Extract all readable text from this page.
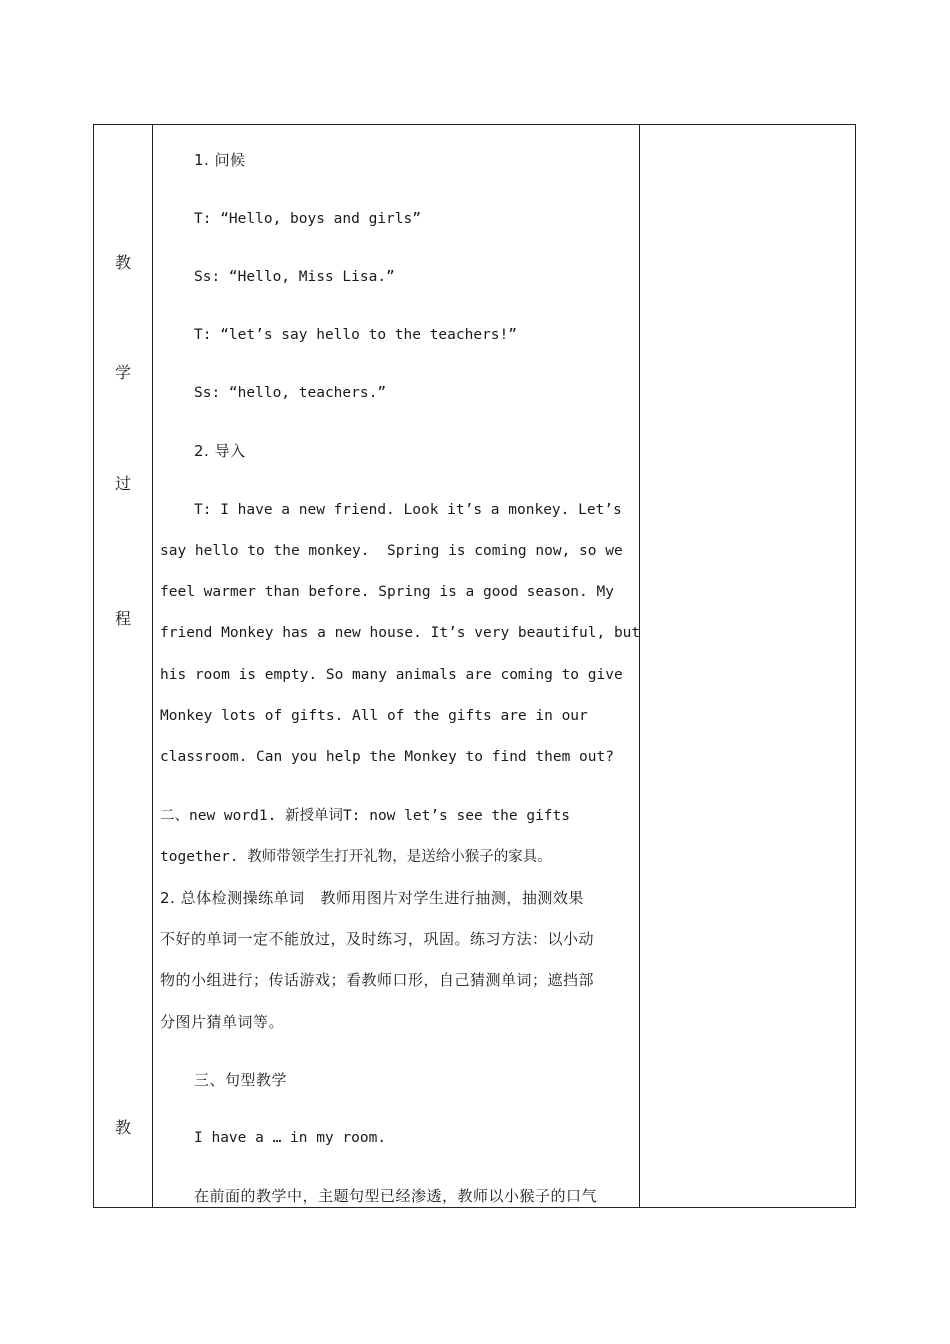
教
学
过
程
教
1. 问候
T: “Hello, boys and girls”
Ss: “Hello, Miss Lisa.”
T: “let’s say hello to the teachers!”
Ss: “hello, teachers.”
2. 导入
T: I have a new friend. Look it’s a monkey. Let’s
say hello to the monkey.  Spring is coming now, so we
feel warmer than before. Spring is a good season. My
friend Monkey has a new house. It’s very beautiful, but
his room is empty. So many animals are coming to give
Monkey lots of gifts. All of the gifts are in our
classroom. Can you help the Monkey to find them out?
二、new word1. 新授单词T: now let’s see the gifts
together. 教师带领学生打开礼物，是送给小猴子的家具。
2. 总体检测操练单词   教师用图片对学生进行抽测，抽测效果
不好的单词一定不能放过，及时练习，巩固。练习方法：以小动
物的小组进行；传话游戏；看教师口形，自己猜测单词；遮挡部
分图片猜单词等。
三、句型教学
I have a … in my room.
在前面的教学中，主题句型已经渗透，教师以小猴子的口气
